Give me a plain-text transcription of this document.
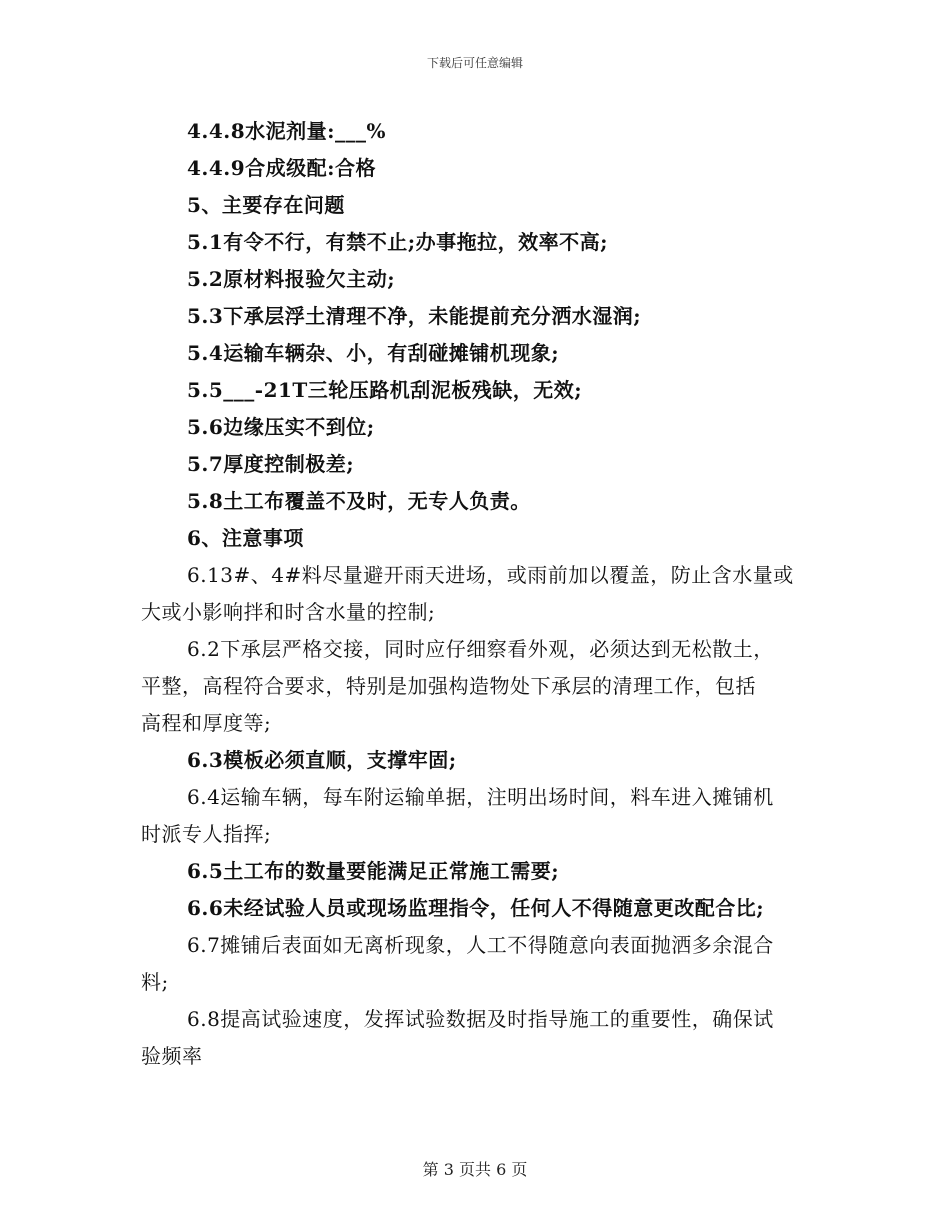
下载后可任意编辑
4.4.8水泥剂量:___%
4.4.9合成级配:合格
5、主要存在问题
5.1有令不行，有禁不止;办事拖拉，效率不高;
5.2原材料报验欠主动;
5.3下承层浮土清理不净，未能提前充分洒水湿润;
5.4运输车辆杂、小，有刮碰摊铺机现象;
5.5___-21T三轮压路机刮泥板残缺，无效;
5.6边缘压实不到位;
5.7厚度控制极差;
5.8土工布覆盖不及时，无专人负责。
6、注意事项
6.13#、4#料尽量避开雨天进场，或雨前加以覆盖，防止含水量或
大或小影响拌和时含水量的控制;
6.2下承层严格交接，同时应仔细察看外观，必须达到无松散土，
平整，高程符合要求，特别是加强构造物处下承层的清理工作，包括
高程和厚度等;
6.3模板必须直顺，支撑牢固;
6.4运输车辆，每车附运输单据，注明出场时间，料车进入摊铺机
时派专人指挥;
6.5土工布的数量要能满足正常施工需要;
6.6未经试验人员或现场监理指令，任何人不得随意更改配合比;
6.7摊铺后表面如无离析现象，人工不得随意向表面抛洒多余混合
料;
6.8提高试验速度，发挥试验数据及时指导施工的重要性，确保试
验频率
第 3 页共 6 页
